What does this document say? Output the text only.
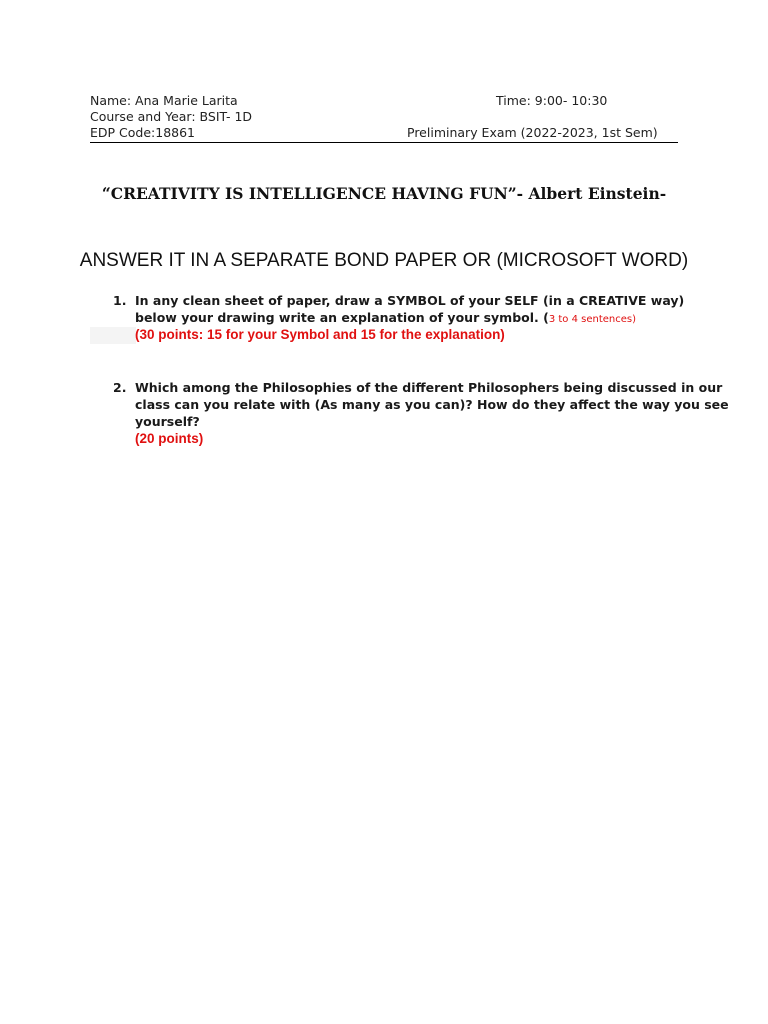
Name: Ana Marie Larita	Time: 9:00- 10:30
Course and Year: BSIT- 1D
EDP Code:18861	Preliminary Exam (2022-2023, 1st Sem)
“CREATIVITY IS INTELLIGENCE HAVING FUN”- Albert Einstein-
ANSWER IT IN A SEPARATE BOND PAPER OR (MICROSOFT WORD)
1. In any clean sheet of paper, draw a SYMBOL of your SELF (in a CREATIVE way)
below your drawing write an explanation of your symbol. (3 to 4 sentences)
(30 points: 15 for your Symbol and 15 for the explanation)
2. Which among the Philosophies of the different Philosophers being discussed in our
class can you relate with (As many as you can)? How do they affect the way you see
yourself?
(20 points)
